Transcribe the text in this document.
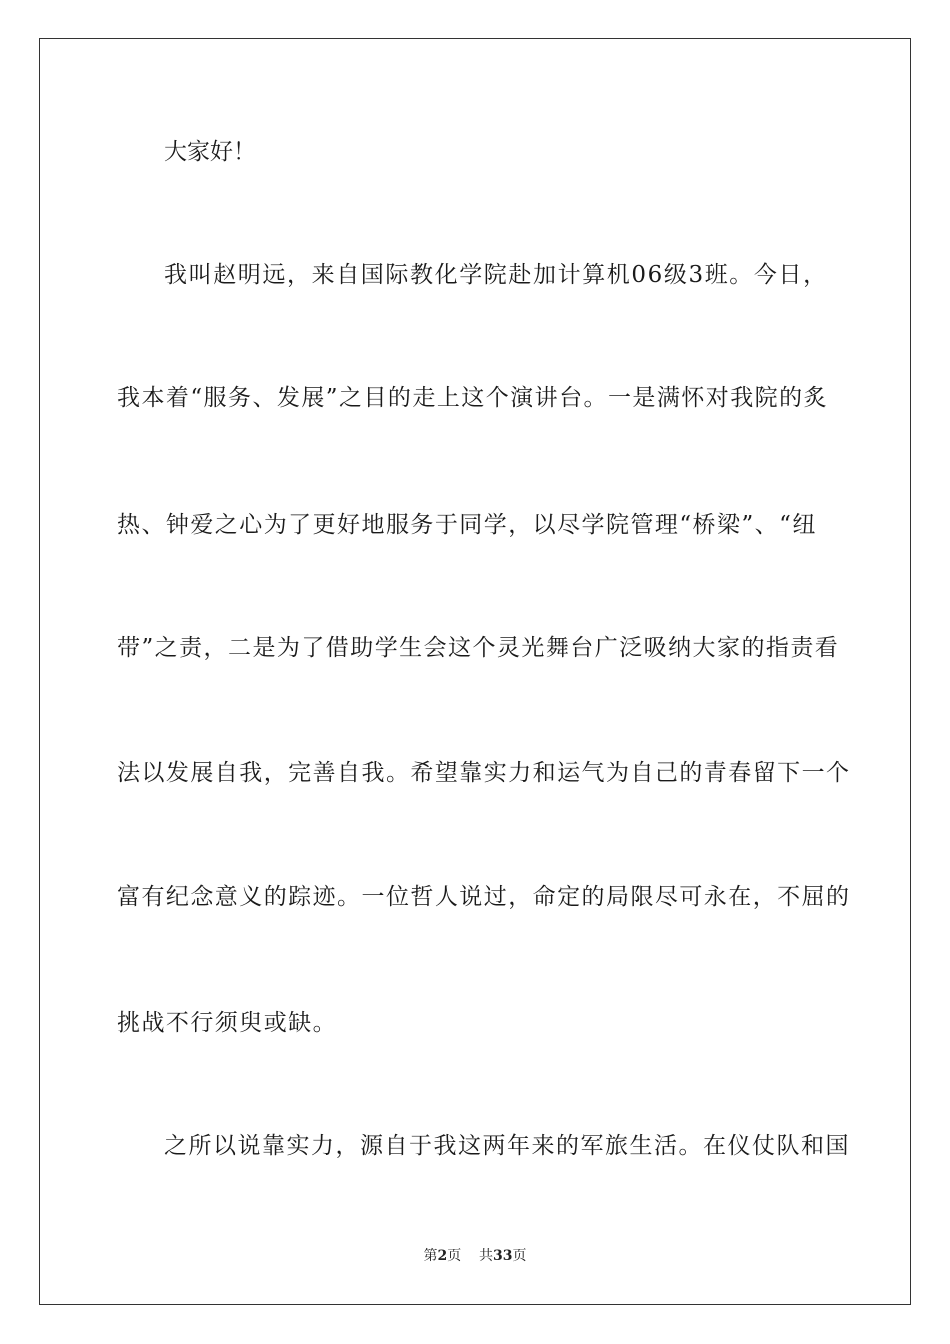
大家好！
我叫赵明远，来自国际教化学院赴加计算机06级3班。今日，
我本着“服务、发展”之目的走上这个演讲台。一是满怀对我院的炙
热、钟爱之心为了更好地服务于同学，以尽学院管理“桥梁”、“纽
带”之责，二是为了借助学生会这个灵光舞台广泛吸纳大家的指责看
法以发展自我，完善自我。希望靠实力和运气为自己的青春留下一个
富有纪念意义的踪迹。一位哲人说过，命定的局限尽可永在，不屈的
挑战不行须臾或缺。
之所以说靠实力，源自于我这两年来的军旅生活。在仪仗队和国
第2页 共33页
